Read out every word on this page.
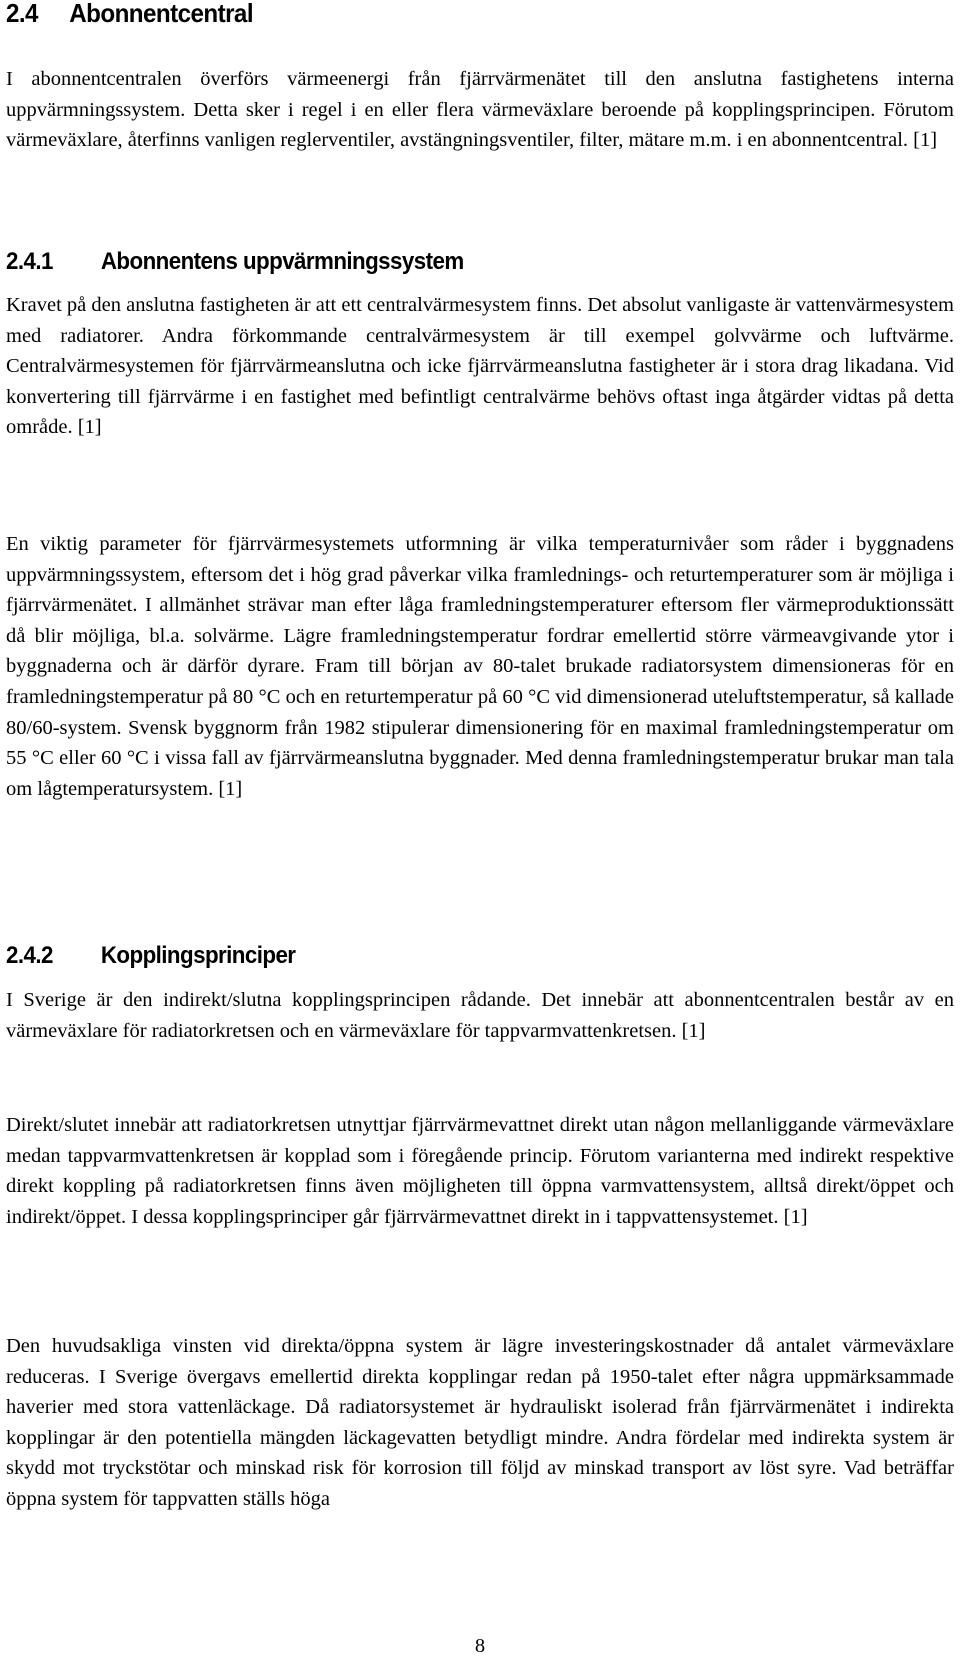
2.4	Abonnentcentral

I abonnentcentralen överförs värmeenergi från fjärrvärmenätet till den anslutna fastighetens interna uppvärmningssystem. Detta sker i regel i en eller flera värmeväxlare beroende på kopplingsprincipen. Förutom värmeväxlare, återfinns vanligen reglerventiler, avstängningsventiler, filter, mätare m.m. i en abonnentcentral. [1]

2.4.1	Abonnentens uppvärmningssystem

Kravet på den anslutna fastigheten är att ett centralvärmesystem finns. Det absolut vanligaste är vattenvärmesystem med radiatorer. Andra förkommande centralvärmesystem är till exempel golvvärme och luftvärme. Centralvärmesystemen för fjärrvärmeanslutna och icke fjärrvärmeanslutna fastigheter är i stora drag likadana. Vid konvertering till fjärrvärme i en fastighet med befintligt centralvärme behövs oftast inga åtgärder vidtas på detta område. [1]

En viktig parameter för fjärrvärmesystemets utformning är vilka temperaturnivåer som råder i byggnadens uppvärmningssystem, eftersom det i hög grad påverkar vilka framlednings- och returtemperaturer som är möjliga i fjärrvärmenätet. I allmänhet strävar man efter låga framledningstemperaturer eftersom fler värmeproduktionssätt då blir möjliga, bl.a. solvärme. Lägre framledningstemperatur fordrar emellertid större värmeavgivande ytor i byggnaderna och är därför dyrare. Fram till början av 80-talet brukade radiatorsystem dimensioneras för en framledningstemperatur på 80 °C och en returtemperatur på 60 °C vid dimensionerad uteluftstemperatur, så kallade 80/60-system. Svensk byggnorm från 1982 stipulerar dimensionering för en maximal framledningstemperatur om 55 °C eller 60 °C i vissa fall av fjärrvärmeanslutna byggnader. Med denna framledningstemperatur brukar man tala om lågtemperatursystem. [1]

2.4.2	Kopplingsprinciper

I Sverige är den indirekt/slutna kopplingsprincipen rådande. Det innebär att abonnentcentralen består av en värmeväxlare för radiatorkretsen och en värmeväxlare för tappvarmvattenkretsen. [1]

Direkt/slutet innebär att radiatorkretsen utnyttjar fjärrvärmevattnet direkt utan någon mellanliggande värmeväxlare medan tappvarmvattenkretsen är kopplad som i föregående princip. Förutom varianterna med indirekt respektive direkt koppling på radiatorkretsen finns även möjligheten till öppna varmvattensystem, alltså direkt/öppet och indirekt/öppet. I dessa kopplingsprinciper går fjärrvärmevattnet direkt in i tappvattensystemet. [1]

Den huvudsakliga vinsten vid direkta/öppna system är lägre investeringskostnader då antalet värmeväxlare reduceras. I Sverige övergavs emellertid direkta kopplingar redan på 1950-talet efter några uppmärksammade haverier med stora vattenläckage. Då radiatorsystemet är hydrauliskt isolerad från fjärrvärmenätet i indirekta kopplingar är den potentiella mängden läckagevatten betydligt mindre. Andra fördelar med indirekta system är skydd mot tryckstötar och minskad risk för korrosion till följd av minskad transport av löst syre. Vad beträffar öppna system för tappvatten ställs höga

8
